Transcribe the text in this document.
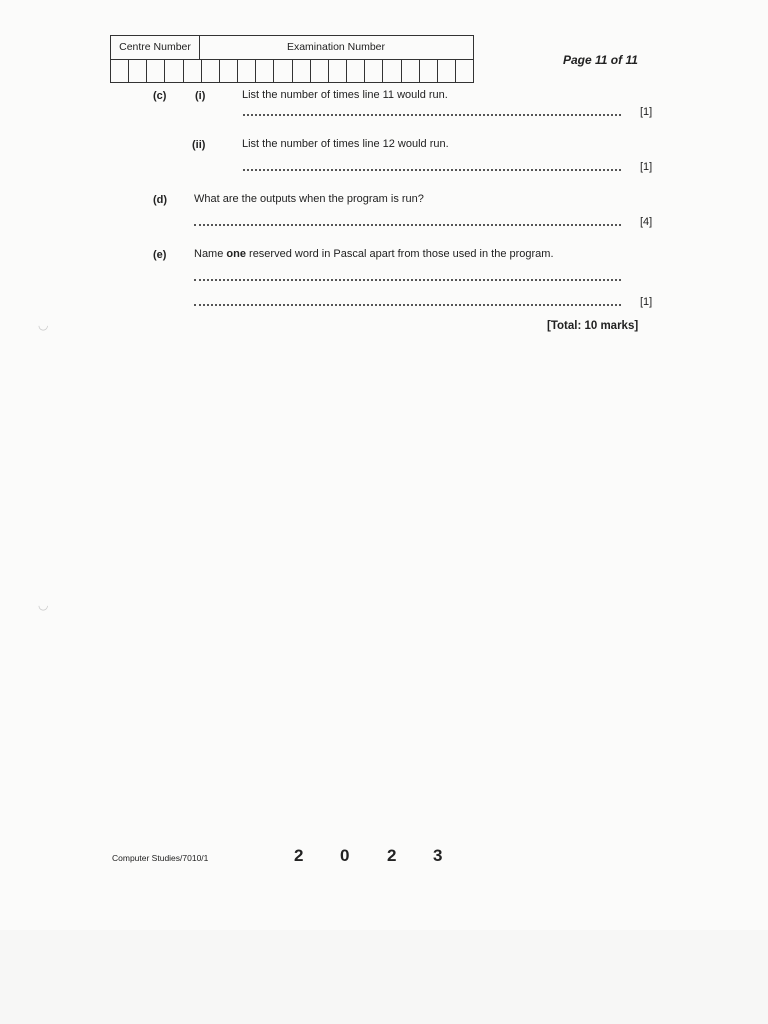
◡
◡
Centre Number	Examination Number
Page 11 of 11
(c)	(i)	List the number of times line 11 would run.
[1]
(ii)	List the number of times line 12 would run.
[1]
(d) What are the outputs when the program is run?
[4]
(e)	Name one reserved word in Pascal apart from those used in the program.
[1]
[Total: 10 marks]
Computer Studies/7010/1	2 0 2 3
